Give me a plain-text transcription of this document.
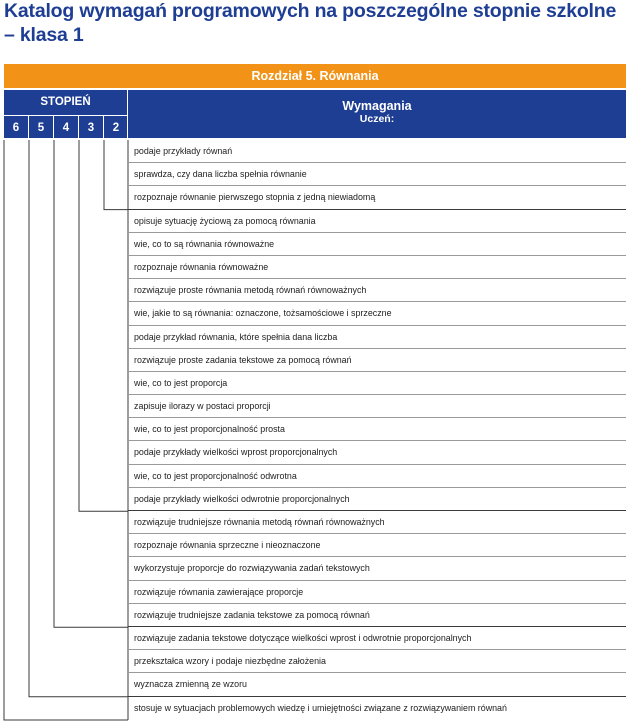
Katalog wymagań programowych na poszczególne stopnie szkolne – klasa 1
Rozdział 5. Równania
STOPIEŃ
6	5	4	3	2
Wymagania
Uczeń:
podaje przykłady równań
sprawdza, czy dana liczba spełnia równanie
rozpoznaje równanie pierwszego stopnia z jedną niewiadomą
opisuje sytuację życiową za pomocą równania
wie, co to są równania równoważne
rozpoznaje równania równoważne
rozwiązuje proste równania metodą równań równoważnych
wie, jakie to są równania: oznaczone, tożsamościowe i sprzeczne
podaje przykład równania, które spełnia dana liczba
rozwiązuje proste zadania tekstowe za pomocą równań
wie, co to jest proporcja
zapisuje ilorazy w postaci proporcji
wie, co to jest proporcjonalność prosta
podaje przykłady wielkości wprost proporcjonalnych
wie, co to jest proporcjonalność odwrotna
podaje przykłady wielkości odwrotnie proporcjonalnych
rozwiązuje trudniejsze równania metodą równań równoważnych
rozpoznaje równania sprzeczne i nieoznaczone
wykorzystuje proporcje do rozwiązywania zadań tekstowych
rozwiązuje równania zawierające proporcje
rozwiązuje trudniejsze zadania tekstowe za pomocą równań
rozwiązuje zadania tekstowe dotyczące wielkości wprost i odwrotnie proporcjonalnych
przekształca wzory i podaje niezbędne założenia
wyznacza zmienną ze wzoru
stosuje w sytuacjach problemowych wiedzę i umiejętności związane z rozwiązywaniem równań
